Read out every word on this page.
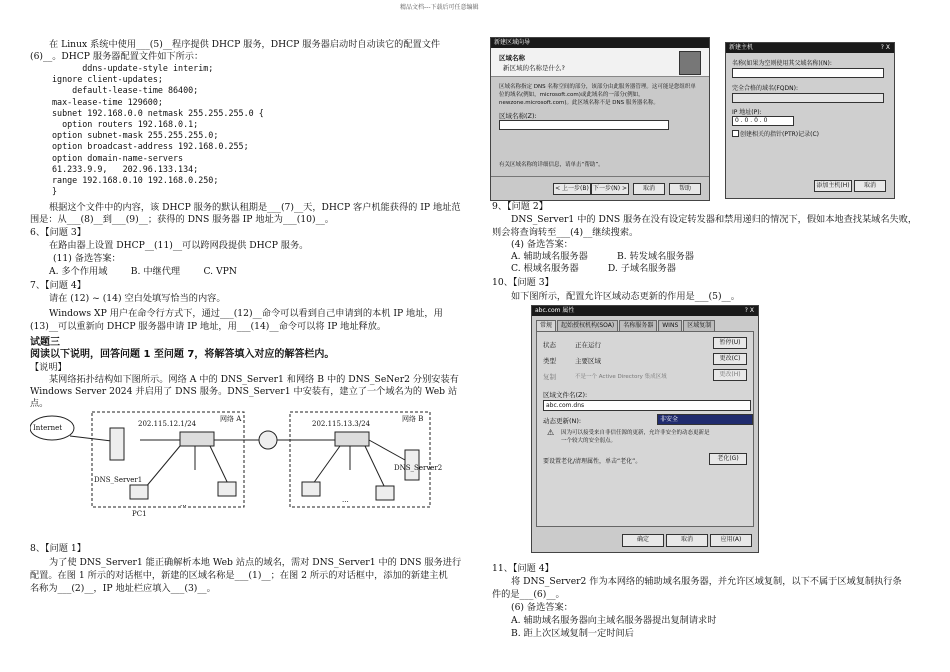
精品文档---下载后可任意编辑
在 Linux 系统中使用___(5)__程序提供 DHCP 服务，DHCP 服务器启动时自动读它的配置文件
(6)__。DHCP 服务器配置文件如下所示：
ddns-update-style interim;
ignore client-updates;
default-lease-time 86400;
max-lease-time 129600;
subnet 192.168.0.0 netmask 255.255.255.0 {
option routers 192.168.0.1;
option subnet-mask 255.255.255.0;
option broadcast-address 192.168.0.255;
option domain-name-servers
61.233.9.9,   202.96.133.134;
range 192.168.0.10 192.168.0.250;
}
根据这个文件中的内容，该 DHCP 服务的默认租期是___(7)__天，DHCP 客户机能获得的 IP 地址范
围是：从___(8)__到___(9)__；获得的 DNS 服务器 IP 地址为___(10)__。
6、【问题 3】
在路由器上设置 DHCP__(11)__可以跨网段提供 DHCP 服务。
(11) 备选答案：
A. 多个作用域        B. 中继代理        C. VPN
7、【问题 4】
请在 (12) ~ (14) 空白处填写恰当的内容。
Windows XP 用户在命令行方式下，通过___(12)__命令可以看到自己申请到的本机 IP 地址，用
(13)__可以重新向 DHCP 服务器申请 IP 地址，用___(14)__命令可以将 IP 地址释放。
试题三
阅读以下说明，回答问题 1 至问题 7，将解答填入对应的解答栏内。
【说明】
某网络拓扑结构如下图所示。网络 A 中的 DNS_Server1 和网络 B 中的 DNS_SeNer2 分别安装有
Windows Server 2024 并启用了 DNS 服务。DNS_Server1 中安装有，建立了一个域名为的 Web 站
点。
Internet	202.115.12.1/24
网络 A
202.115.13.3/24
网络 B
DNS_Server1
DNS_Server2
PC1
...	...
8、【问题 1】
为了使 DNS_Server1 能正确解析本地 Web 站点的域名，需对 DNS_Server1 中的 DNS 服务进行
配置。在图 1 所示的对话框中，新建的区域名称是___(1)__；在图 2 所示的对话框中，添加的新建主机
名称为___(2)__，IP 地址栏应填入___(3)__。
新建区域向导
区域名称
新区域的名称是什么?
区域名称指定 DNS 名称空间的部分，该部分由此服务器管理。这可能是您组织单
位的域名(例如，microsoft.com)或此域名的一部分(例如，
newzone.microsoft.com)。此区域名称不是 DNS 服务器名称。
区域名称(Z):
有关区域名称的详细信息，请单击“帮助”。
< 上一步(B) 下一步(N) >	取消	帮助
新建主机	? X
名称(如果为空则使用其父域名称)(N):
完全合格的域名(FQDN):
IP 地址(P):
0 . 0 . 0 . 0
创建相关的指针(PTR)记录(C)
添加主机(H)	取消
9、【问题 2】
DNS_Server1 中的 DNS 服务在没有设定转发器和禁用递归的情况下，假如本地查找某域名失败，
则会将查询转至___(4)__继续搜索。
(4) 备选答案：
A. 辅助域名服务器          B. 转发域名服务器
C. 根域名服务器          D. 子域名服务器
10、【问题 3】
如下图所示，配置允许区域动态更新的作用是___(5)__。
abc.com 属性	? X
常规	起始授权机构(SOA)	名称服务器	WINS	区域复制
状态	正在运行	暂停(U)
类型	主要区域	更改(C)
复制	不是一个 Active Directory 集成区域	更改(H)
区域文件名(Z):
abc.com.dns
动态更新(N):	非安全
⚠	因为可以接受来自非信任源的更新，允许非安全的动态更新是
一个较大的安全弱点。
要设置老化/清理属性，单击“老化”。	老化(G)
确定	取消	应用(A)
11、【问题 4】
将 DNS_Server2 作为本网络的辅助域名服务器，并允许区域复制，以下不属于区域复制执行条
件的是___(6)__。
(6) 备选答案：
A. 辅助域名服务器向主域名服务器提出复制请求时
B. 距上次区域复制一定时间后
